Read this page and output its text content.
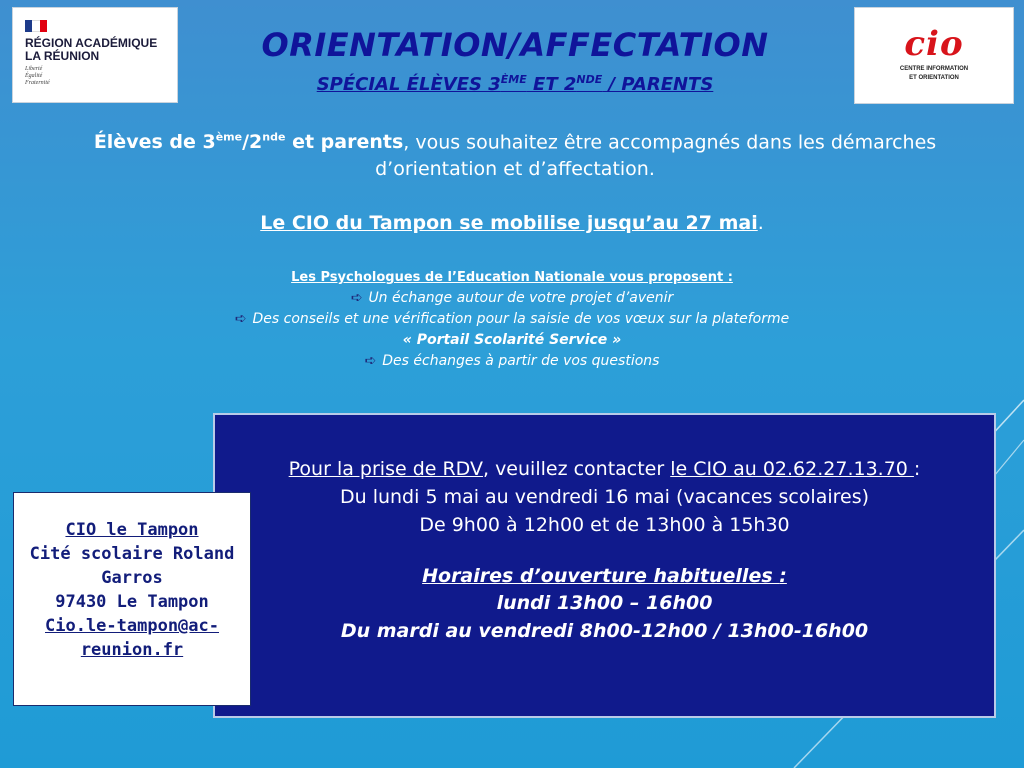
RÉGION ACADÉMIQUE
LA RÉUNION
Liberté
Égalité
Fraternité
cio
CENTRE INFORMATION
ET ORIENTATION
ORIENTATION/AFFECTATION
SPÉCIAL ÉLÈVES 3ÈME ET 2NDE / PARENTS

Élèves de 3ème/2nde et parents, vous souhaitez être accompagnés dans les démarches d’orientation et d’affectation.

Le CIO du Tampon se mobilise jusqu’au 27 mai.
Les Psychologues de l’Education Nationale vous proposent :
➪ Un échange autour de votre projet d’avenir
➪ Des conseils et une vérification pour la saisie de vos vœux sur la plateforme
« Portail Scolarité Service »
➪ Des échanges à partir de vos questions
Pour la prise de RDV, veuillez contacter le CIO au 02.62.27.13.70 :
Du lundi 5 mai au vendredi 16 mai (vacances scolaires)
De 9h00 à 12h00 et de 13h00 à 15h30
Horaires d’ouverture habituelles :
lundi 13h00 – 16h00
Du mardi au vendredi 8h00-12h00 / 13h00-16h00
CIO le Tampon
Cité scolaire Roland
Garros
97430 Le Tampon
Cio.le-tampon@ac-
reunion.fr
